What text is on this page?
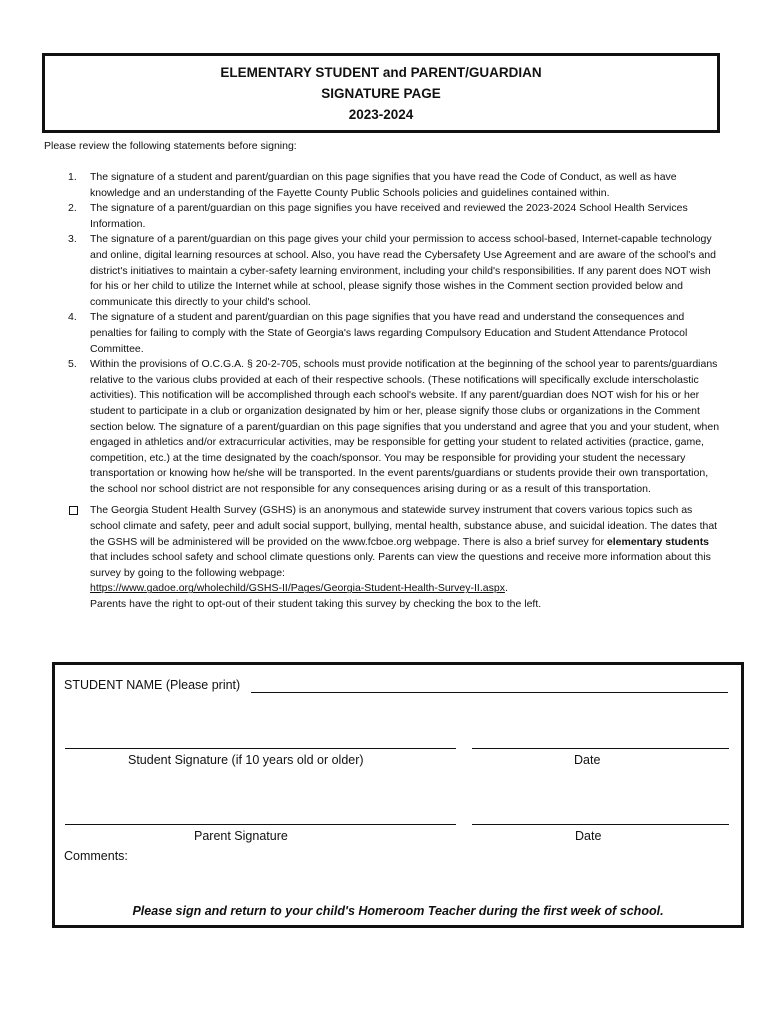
ELEMENTARY STUDENT and PARENT/GUARDIAN
SIGNATURE PAGE
2023-2024
Please review the following statements before signing:
1. The signature of a student and parent/guardian on this page signifies that you have read the Code of Conduct, as well as have knowledge and an understanding of the Fayette County Public Schools policies and guidelines contained within.
2. The signature of a parent/guardian on this page signifies you have received and reviewed the 2023-2024 School Health Services Information.
3. The signature of a parent/guardian on this page gives your child your permission to access school-based, Internet-capable technology and online, digital learning resources at school. Also, you have read the Cybersafety Use Agreement and are aware of the school's and district's initiatives to maintain a cyber-safety learning environment, including your child's responsibilities. If any parent does NOT wish for his or her child to utilize the Internet while at school, please signify those wishes in the Comment section provided below and communicate this directly to your child's school.
4. The signature of a student and parent/guardian on this page signifies that you have read and understand the consequences and penalties for failing to comply with the State of Georgia's laws regarding Compulsory Education and Student Attendance Protocol Committee.
5. Within the provisions of O.C.G.A. § 20-2-705, schools must provide notification at the beginning of the school year to parents/guardians relative to the various clubs provided at each of their respective schools. (These notifications will specifically exclude interscholastic activities). This notification will be accomplished through each school's website. If any parent/guardian does NOT wish for his or her student to participate in a club or organization designated by him or her, please signify those clubs or organizations in the Comment section below. The signature of a parent/guardian on this page signifies that you understand and agree that you and your student, when engaged in athletics and/or extracurricular activities, may be responsible for getting your student to related activities (practice, game, competition, etc.) at the time designated by the coach/sponsor. You may be responsible for providing your student the necessary transportation or knowing how he/she will be transported. In the event parents/guardians or students provide their own transportation, the school nor school district are not responsible for any consequences arising during or as a result of this transportation.
The Georgia Student Health Survey (GSHS) is an anonymous and statewide survey instrument that covers various topics such as school climate and safety, peer and adult social support, bullying, mental health, substance abuse, and suicidal ideation. The dates that the GSHS will be administered will be provided on the www.fcboe.org webpage. There is also a brief survey for elementary students that includes school safety and school climate questions only. Parents can view the questions and receive more information about this survey by going to the following webpage:
https://www.gadoe.org/wholechild/GSHS-II/Pages/Georgia-Student-Health-Survey-II.aspx.
Parents have the right to opt-out of their student taking this survey by checking the box to the left.
STUDENT NAME (Please print)
Student Signature (if 10 years old or older)	Date
Parent Signature	Date
Comments:
Please sign and return to your child's Homeroom Teacher during the first week of school.
